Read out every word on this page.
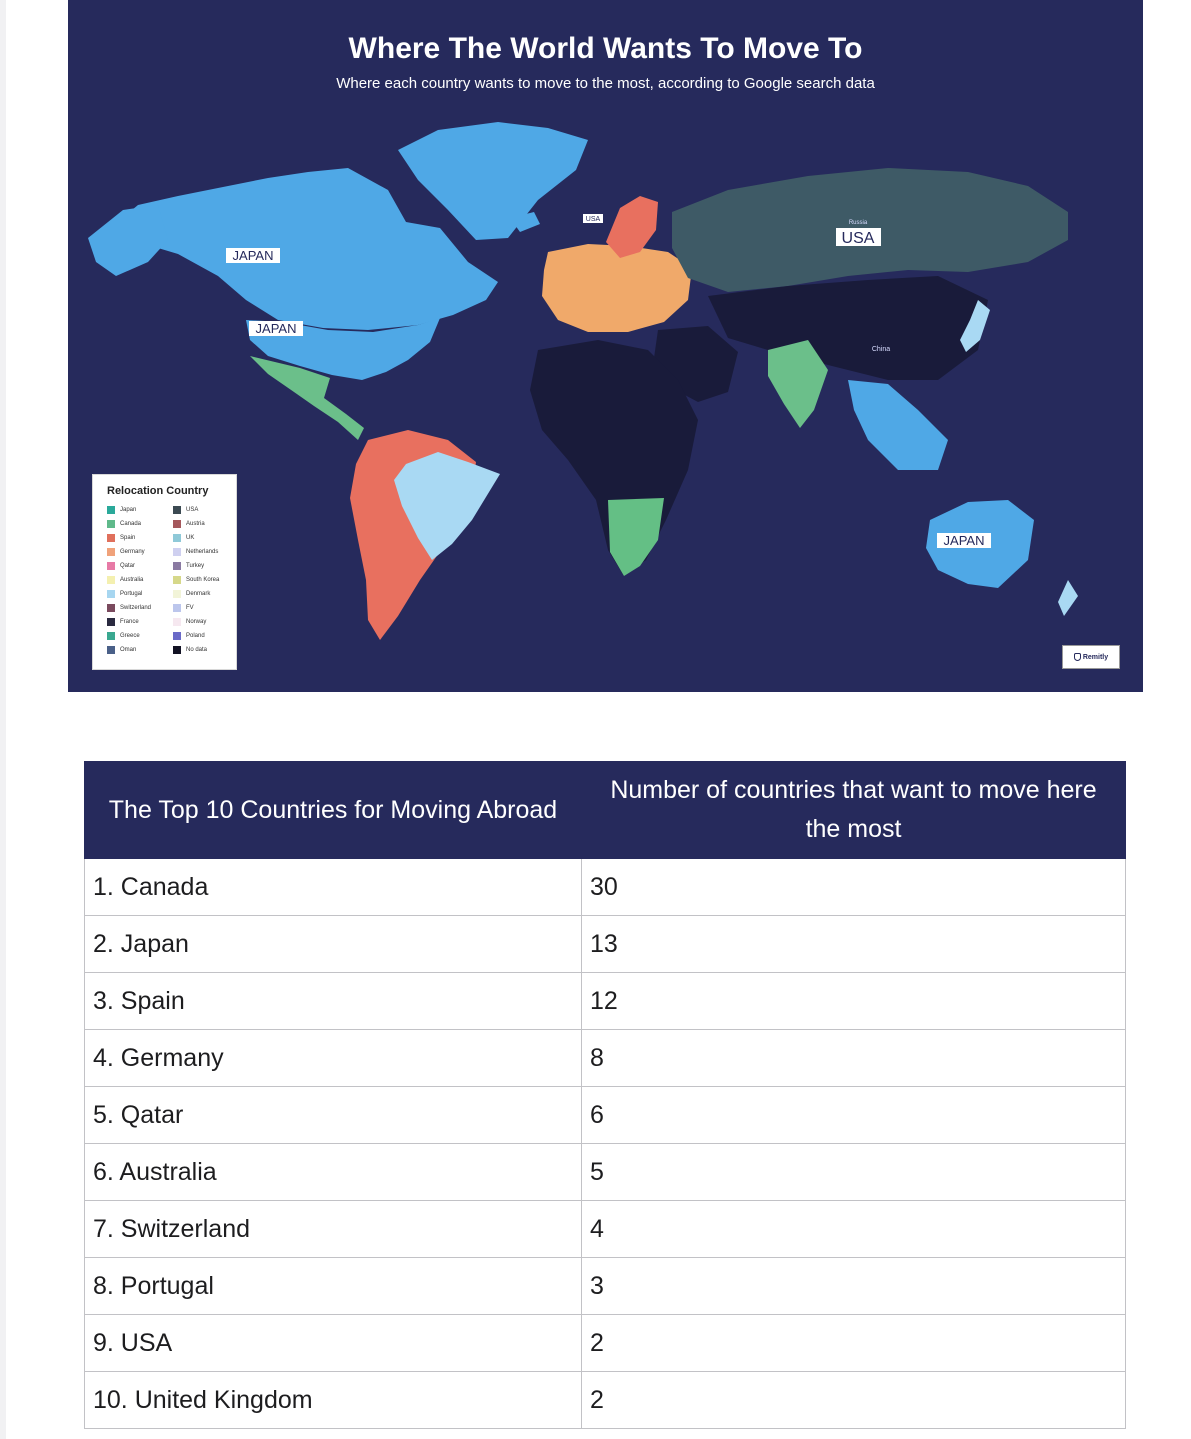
JAPAN
JAPAN
Russia
USA
China
JAPAN
USA
Where The World Wants To Move To
Where each country wants to move to the most, according to Google search data
Relocation Country
Japan	USA
Canada	Austria
Spain	UK
Germany	Netherlands
Qatar	Turkey
Australia	South Korea
Portugal	Denmark
Switzerland	FV
France	Norway
Greece	Poland
Oman	No data
Remitly
The Top 10 Countries for Moving Abroad	Number of countries that want to move here the most
1. Canada	30
2. Japan	13
3. Spain	12
4. Germany	8
5. Qatar	6
6. Australia	5
7. Switzerland	4
8. Portugal	3
9. USA	2
10. United Kingdom	2
